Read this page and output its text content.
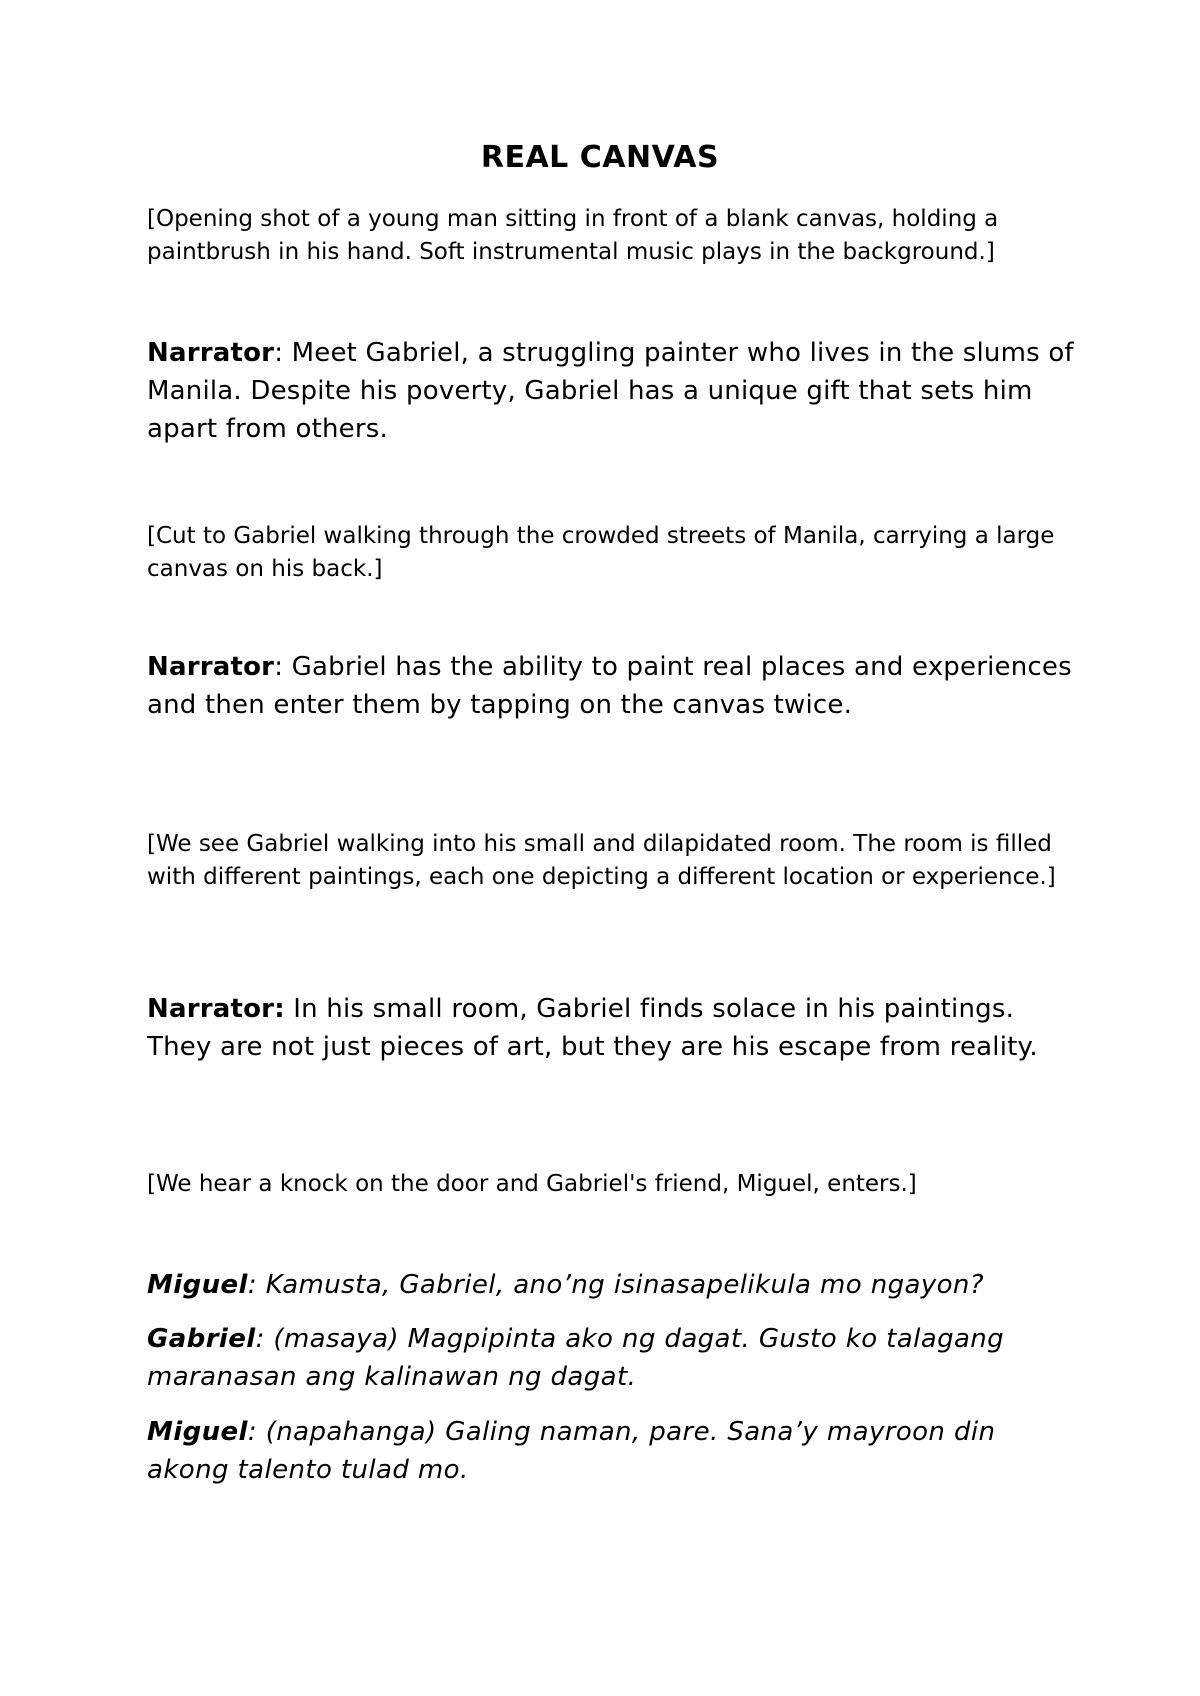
REAL CANVAS
[Opening shot of a young man sitting in front of a blank canvas, holding a paintbrush in his hand. Soft instrumental music plays in the background.]
Narrator: Meet Gabriel, a struggling painter who lives in the slums of Manila. Despite his poverty, Gabriel has a unique gift that sets him apart from others.
[Cut to Gabriel walking through the crowded streets of Manila, carrying a large canvas on his back.]
Narrator: Gabriel has the ability to paint real places and experiences and then enter them by tapping on the canvas twice.
[We see Gabriel walking into his small and dilapidated room. The room is filled with different paintings, each one depicting a different location or experience.]
Narrator: In his small room, Gabriel finds solace in his paintings. They are not just pieces of art, but they are his escape from reality.
[We hear a knock on the door and Gabriel's friend, Miguel, enters.]
Miguel: Kamusta, Gabriel, ano’ng isinasapelikula mo ngayon?
Gabriel: (masaya) Magpipinta ako ng dagat. Gusto ko talagang maranasan ang kalinawan ng dagat.
Miguel: (napahanga) Galing naman, pare. Sana’y mayroon din akong talento tulad mo.
